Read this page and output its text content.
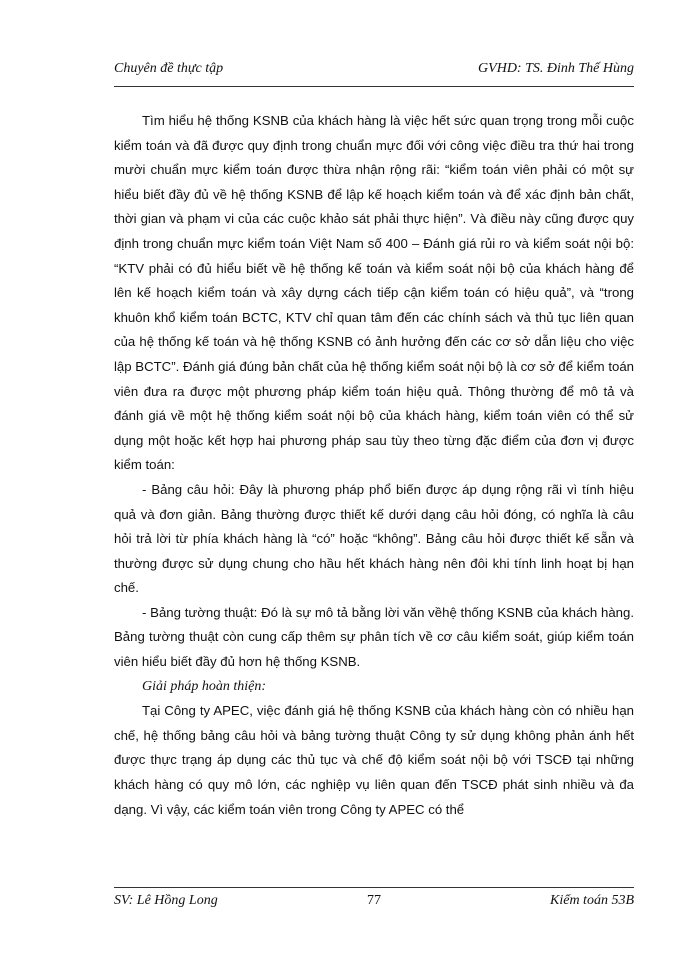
Chuyên đề thực tập	GVHD: TS. Đinh Thế Hùng

Tìm hiểu hệ thống KSNB của khách hàng là việc hết sức quan trọng trong mỗi cuộc kiểm toán và đã được quy định trong chuẩn mực đối với công việc điều tra thứ hai trong mười chuẩn mực kiểm toán được thừa nhận rộng rãi: “kiểm toán viên phải có một sự hiểu biết đầy đủ về hệ thống KSNB để lập kế hoạch kiểm toán và để xác định bản chất, thời gian và phạm vi của các cuộc khảo sát phải thực hiện”. Và điều này cũng được quy định trong chuẩn mực kiểm toán Việt Nam số 400 – Đánh giá rủi ro và kiểm soát nội bộ: “KTV phải có đủ hiểu biết về hệ thống kế toán và kiểm soát nội bộ của khách hàng để lên kế hoạch kiểm toán và xây dựng cách tiếp cận kiểm toán có hiệu quả”, và “trong khuôn khổ kiểm toán BCTC, KTV chỉ quan tâm đến các chính sách và thủ tục liên quan của hệ thống kế toán và hệ thống KSNB có ảnh hưởng đến các cơ sở dẫn liệu cho việc lập BCTC”. Đánh giá đúng bản chất của hệ thống kiểm soát nội bộ là cơ sở để kiểm toán viên đưa ra được một phương pháp kiểm toán hiệu quả. Thông thường để mô tả và đánh giá về một hệ thống kiểm soát nội bộ của khách hàng, kiểm toán viên có thể sử dụng một hoặc kết hợp hai phương pháp sau tùy theo từng đặc điểm của đơn vị được kiểm toán:

- Bảng câu hỏi: Đây là phương pháp phổ biến được áp dụng rộng rãi vì tính hiệu quả và đơn giản. Bảng thường được thiết kế dưới dạng câu hỏi đóng, có nghĩa là câu hỏi trả lời từ phía khách hàng là “có” hoặc “không”. Bảng câu hỏi được thiết kế sẵn và thường được sử dụng chung cho hầu hết khách hàng nên đôi khi tính linh hoạt bị hạn chế.

- Bảng tường thuật: Đó là sự mô tả bằng lời văn vềhệ thống KSNB của khách hàng. Bảng tường thuật còn cung cấp thêm sự phân tích về cơ câu kiểm soát, giúp kiểm toán viên hiểu biết đầy đủ hơn hệ thống KSNB.

Giải pháp hoàn thiện:

Tại Công ty APEC, việc đánh giá hệ thống KSNB của khách hàng còn có nhiều hạn chế, hệ thống bảng câu hỏi và bảng tường thuật Công ty sử dụng không phản ánh hết được thực trạng áp dụng các thủ tục và chế độ kiểm soát nội bộ với TSCĐ tại những khách hàng có quy mô lớn, các nghiệp vụ liên quan đến TSCĐ phát sinh nhiều và đa dạng. Vì vậy, các kiểm toán viên trong Công ty APEC có thể

SV: Lê Hồng Long	77	Kiểm toán 53B
